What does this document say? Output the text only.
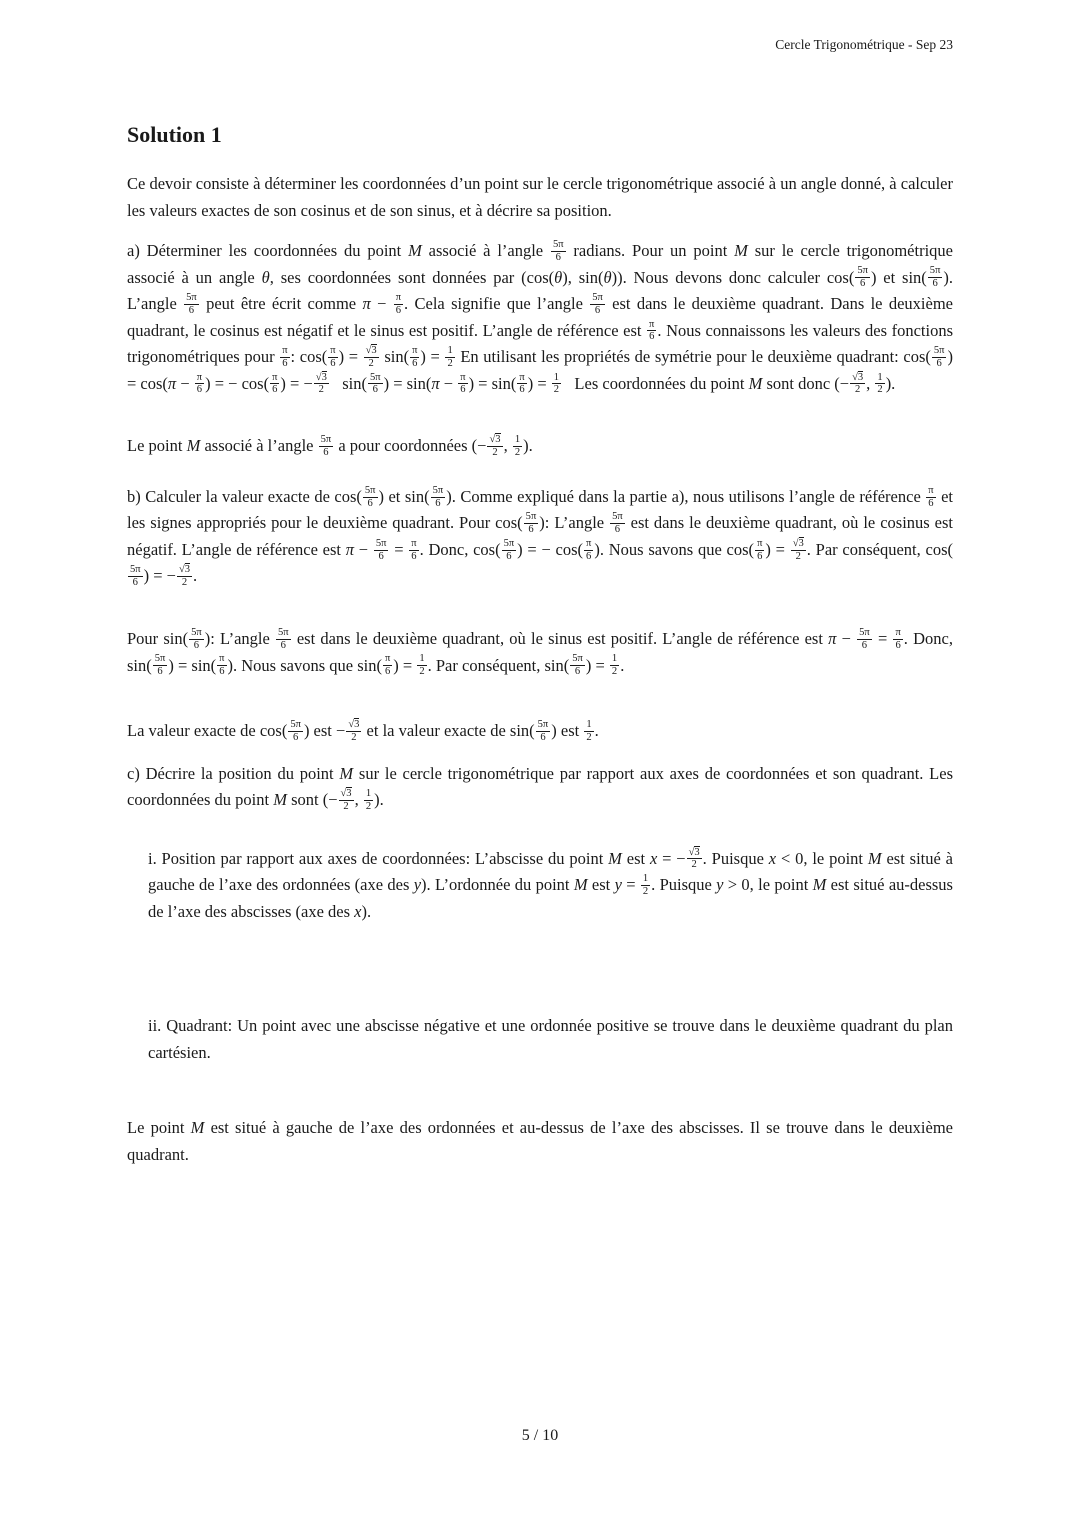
Cercle Trigonométrique - Sep 23
Solution 1

Ce devoir consiste à déterminer les coordonnées d’un point sur le cercle trigonométrique associé à un angle donné, à calculer les valeurs exactes de son cosinus et de son sinus, et à décrire sa position.

a) Déterminer les coordonnées du point M associé à l’angle $\frac{5\pi}{6}$ radians. Pour un point M sur le cercle trigonométrique associé à un angle θ, ses coordonnées sont données par (cos(θ), sin(θ)). Nous devons donc calculer $\cos( \frac{5\pi}{6}$ ) et $\sin( \frac{5\pi}{6}$ ). L’angle $\frac{5\pi}{6}$ peut être écrit comme $\pi - \frac{\pi}{6}$ . Cela signifie que l’angle $\frac{5\pi}{6}$ est dans le deuxième quadrant. Dans le deuxième quadrant, le cosinus est négatif et le sinus est positif. L’angle de référence est $\frac{\pi}{6}$ . Nous connaissons les valeurs des fonctions trigonométriques pour $\frac{\pi}{6}$ : $\cos( \frac{\pi}{6}$ ) = $\frac{√3}{2} \sin( \frac{\pi}{6}$ ) = $\frac{1}{2}$ En utilisant les propriétés de symétrie pour le deuxième quadrant: $\cos( \frac{5\pi}{6}$ ) = $\cos(\pi - \frac{\pi}{6}$ ) = − $\cos( \frac{\pi}{6}$ ) = − $\frac{√3}{2} \sin( \frac{5\pi}{6}$ ) = $\sin(\pi - \frac{\pi}{6}$ ) = $\sin( \frac{\pi}{6}$ ) = $\frac{1}{2}$ Les coordonnées du point M sont donc (− $\frac{√3}{2}$ , $\frac{1}{2}$ ).

Le point M associé à l’angle $\frac{5\pi}{6}$ a pour coordonnées (− $\frac{√3}{2}$ , $\frac{1}{2}$ ).

b) Calculer la valeur exacte de $\cos( \frac{5\pi}{6}$ ) et $\sin( \frac{5\pi}{6}$ ). Comme expliqué dans la partie a), nous utilisons l’angle de référence $\frac{\pi}{6}$ et les signes appropriés pour le deuxième quadrant. Pour $\cos( \frac{5\pi}{6}$ ): L’angle $\frac{5\pi}{6}$ est dans le deuxième quadrant, où le cosinus est négatif. L’angle de référence est $\pi - \frac{5\pi}{6} = \frac{\pi}{6}$ . Donc, $\cos( \frac{5\pi}{6}$ ) = − $\cos( \frac{\pi}{6}$ ). Nous savons que $\cos( \frac{\pi}{6}$ ) = $\frac{√3}{2}$ . Par conséquent, cos(
$\frac{5\pi}{6}$ ) = − $\frac{√3}{2}$ .

Pour $\sin( \frac{5\pi}{6}$ ): L’angle $\frac{5\pi}{6}$ est dans le deuxième quadrant, où le sinus est positif. L’angle de référence est $\pi - \frac{5\pi}{6} = \frac{\pi}{6}$ . Donc, $\sin( \frac{5\pi}{6}$ ) = $\sin( \frac{\pi}{6}$ ). Nous savons que $\sin( \frac{\pi}{6}$ ) = $\frac{1}{2}$ . Par conséquent, $\sin( \frac{5\pi}{6}$ ) = $\frac{1}{2}$ .

La valeur exacte de $\cos( \frac{5\pi}{6}$ ) est − $\frac{√3}{2}$ et la valeur exacte de $\sin( \frac{5\pi}{6}$ ) est $\frac{1}{2}$ .

c) Décrire la position du point M sur le cercle trigonométrique par rapport aux axes de coordonnées et son quadrant. Les coordonnées du point M sont (− $\frac{√3}{2}$ , $\frac{1}{2}$ ).

i. Position par rapport aux axes de coordonnées: L’abscisse du point M est x = − $\frac{√3}{2}$ . Puisque x < 0, le point M est situé à gauche de l’axe des ordonnées (axe des y). L’ordonnée du point M est $y = \frac{1}{2}$ . Puisque y > 0, le point M est situé au-dessus de l’axe des abscisses (axe des x).

ii. Quadrant: Un point avec une abscisse négative et une ordonnée positive se trouve dans le deuxième quadrant du plan cartésien.

Le point M est situé à gauche de l’axe des ordonnées et au-dessus de l’axe des abscisses. Il se trouve dans le deuxième quadrant.

5 / 10
